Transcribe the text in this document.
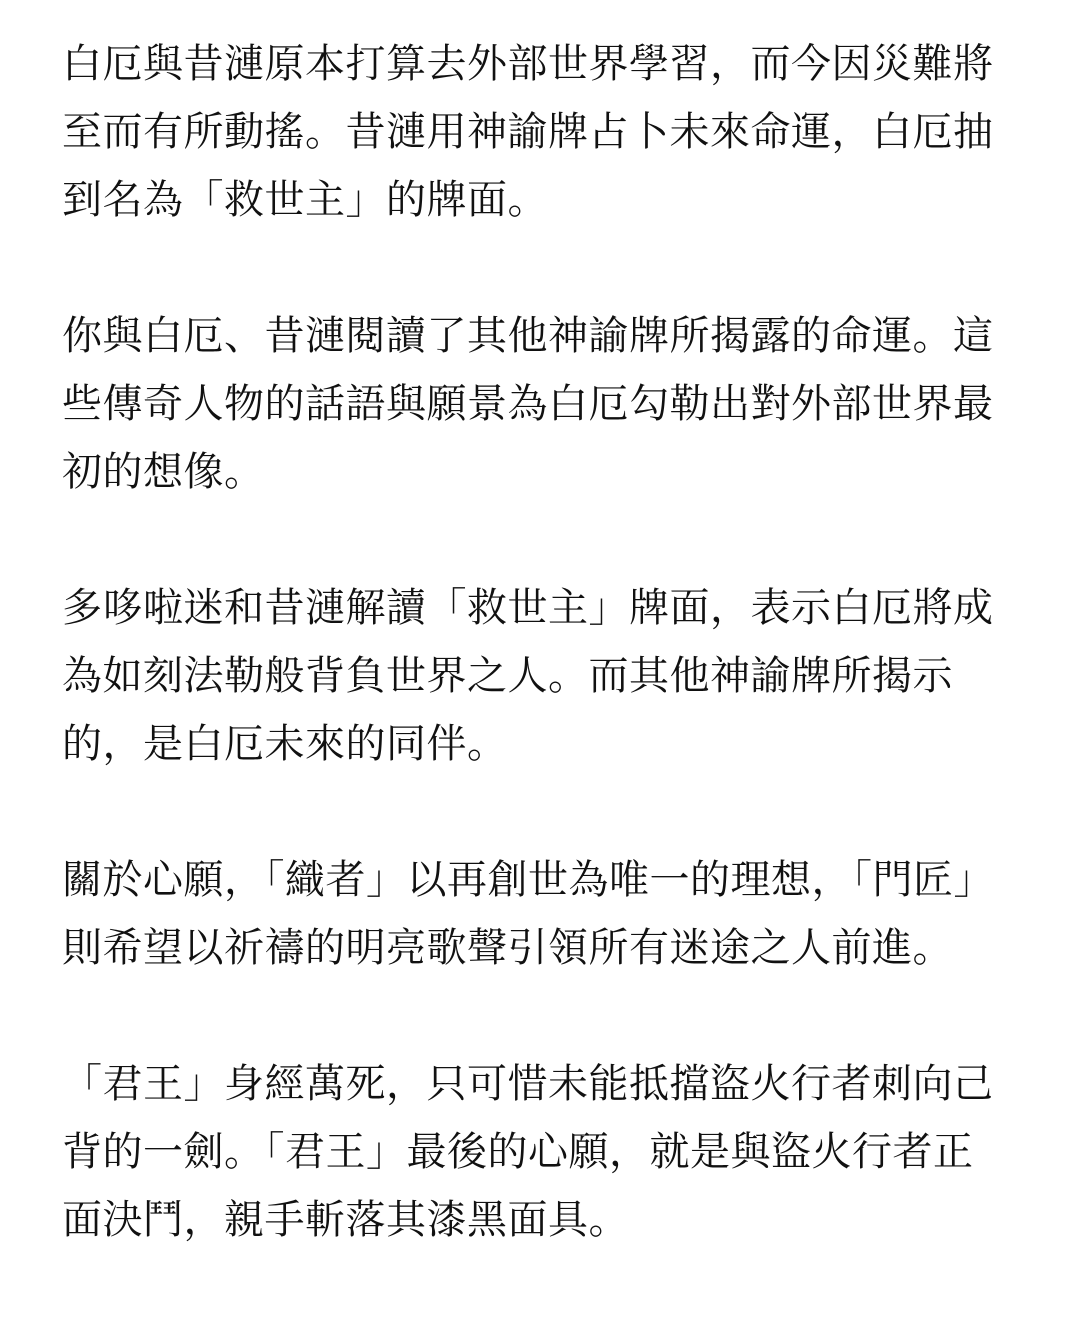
白厄與昔漣原本打算去外部世界學習，而今因災難將至而有所動搖。昔漣用神諭牌占卜未來命運，白厄抽到名為「救世主」的牌面。

你與白厄、昔漣閱讀了其他神諭牌所揭露的命運。這些傳奇人物的話語與願景為白厄勾勒出對外部世界最初的想像。

多哆啦迷和昔漣解讀「救世主」牌面，表示白厄將成為如刻法勒般背負世界之人。而其他神諭牌所揭示的，是白厄未來的同伴。

關於心願，「織者」以再創世為唯一的理想，「門匠」則希望以祈禱的明亮歌聲引領所有迷途之人前進。

「君王」身經萬死，只可惜未能抵擋盜火行者刺向己背的一劍。「君王」最後的心願，就是與盜火行者正面決鬥，親手斬落其漆黑面具。
